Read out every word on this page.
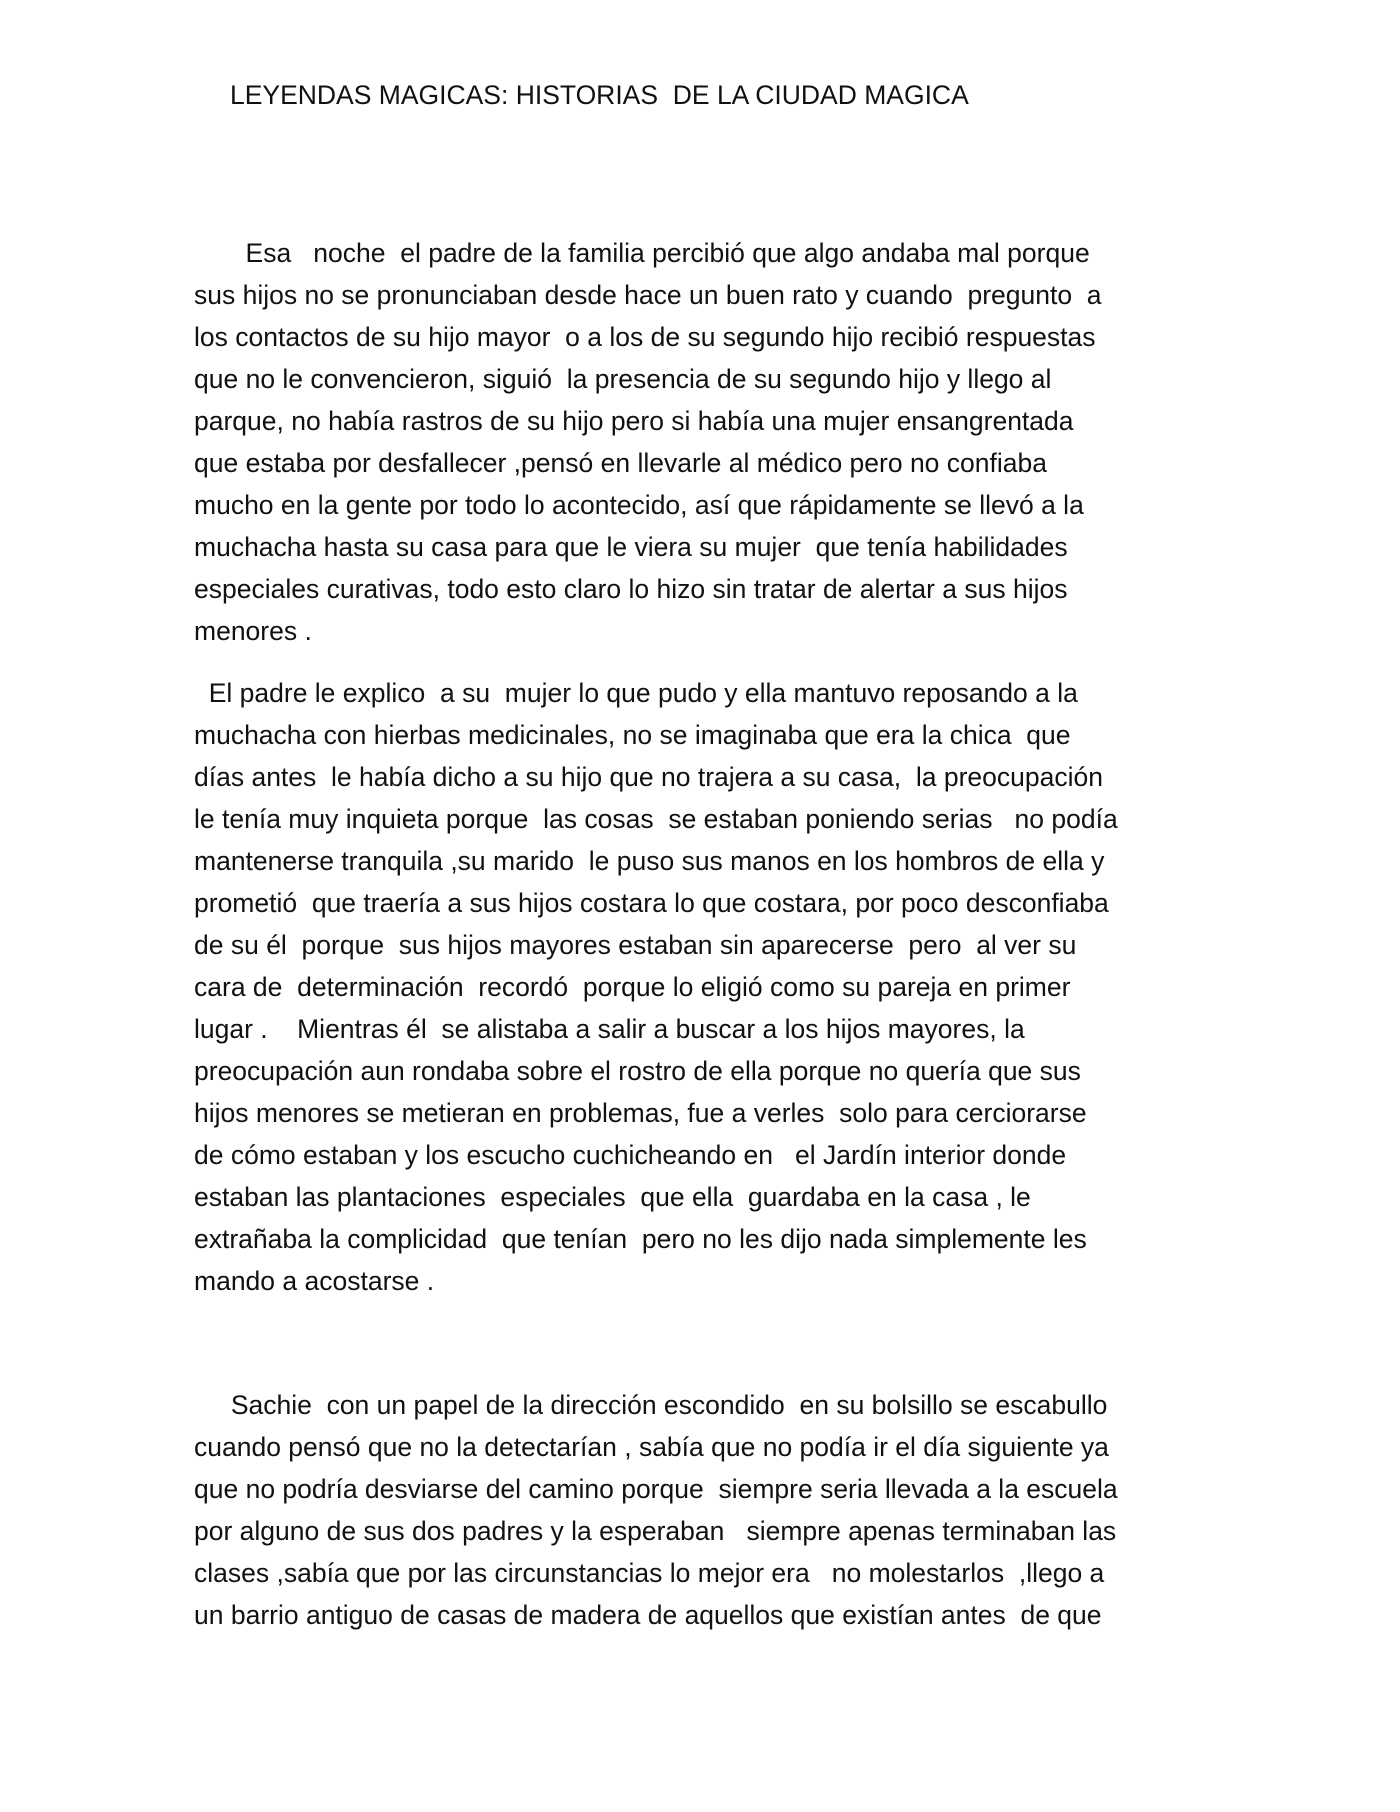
LEYENDAS MAGICAS: HISTORIAS  DE LA CIUDAD MAGICA
Esa   noche  el padre de la familia percibió que algo andaba mal porque
sus hijos no se pronunciaban desde hace un buen rato y cuando  pregunto  a
los contactos de su hijo mayor  o a los de su segundo hijo recibió respuestas
que no le convencieron, siguió  la presencia de su segundo hijo y llego al
parque, no había rastros de su hijo pero si había una mujer ensangrentada
que estaba por desfallecer ,pensó en llevarle al médico pero no confiaba
mucho en la gente por todo lo acontecido, así que rápidamente se llevó a la
muchacha hasta su casa para que le viera su mujer  que tenía habilidades
especiales curativas, todo esto claro lo hizo sin tratar de alertar a sus hijos
menores .
El padre le explico  a su  mujer lo que pudo y ella mantuvo reposando a la
muchacha con hierbas medicinales, no se imaginaba que era la chica  que
días antes  le había dicho a su hijo que no trajera a su casa,  la preocupación
le tenía muy inquieta porque  las cosas  se estaban poniendo serias   no podía
mantenerse tranquila ,su marido  le puso sus manos en los hombros de ella y
prometió  que traería a sus hijos costara lo que costara, por poco desconfiaba
de su él  porque  sus hijos mayores estaban sin aparecerse  pero  al ver su
cara de  determinación  recordó  porque lo eligió como su pareja en primer
lugar .    Mientras él  se alistaba a salir a buscar a los hijos mayores, la
preocupación aun rondaba sobre el rostro de ella porque no quería que sus
hijos menores se metieran en problemas, fue a verles  solo para cerciorarse
de cómo estaban y los escucho cuchicheando en   el Jardín interior donde
estaban las plantaciones  especiales  que ella  guardaba en la casa , le
extrañaba la complicidad  que tenían  pero no les dijo nada simplemente les
mando a acostarse .
Sachie  con un papel de la dirección escondido  en su bolsillo se escabullo
cuando pensó que no la detectarían , sabía que no podía ir el día siguiente ya
que no podría desviarse del camino porque  siempre seria llevada a la escuela
por alguno de sus dos padres y la esperaban   siempre apenas terminaban las
clases ,sabía que por las circunstancias lo mejor era   no molestarlos  ,llego a
un barrio antiguo de casas de madera de aquellos que existían antes  de que
